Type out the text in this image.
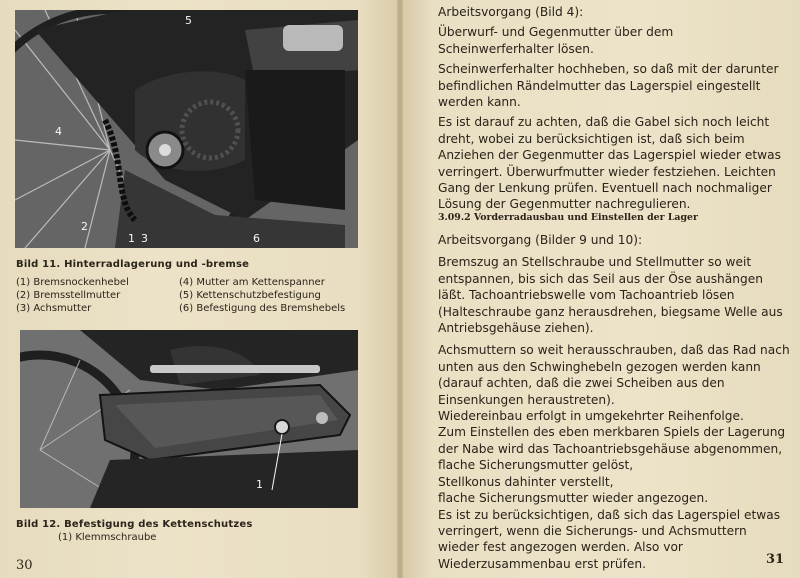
5
4
2
1 3	6
Bild 11. Hinterradlagerung und -bremse
(1) Bremsnockenhebel
(2) Bremsstellmutter
(3) Achsmutter
(4) Mutter am Kettenspanner
(5) Kettenschutzbefestigung
(6) Befestigung des Bremshebels
1
Bild 12. Befestigung des Kettenschutzes
(1) Klemmschraube
30

Arbeitsvorgang (Bild 4):

Überwurf- und Gegenmutter über dem Scheinwerferhalter lösen.

Scheinwerferhalter hochheben, so daß mit der darunter befindlichen Rändelmutter das Lagerspiel eingestellt werden kann.

Es ist darauf zu achten, daß die Gabel sich noch leicht dreht, wobei zu berücksichtigen ist, daß sich beim Anziehen der Gegenmutter das Lagerspiel wieder etwas verringert. Überwurfmutter wieder festziehen. Leichten Gang der Lenkung prüfen. Eventuell nach nochmaliger Lösung der Gegenmutter nachregulieren.

3.09.2 Vorderradausbau und Einstellen der Lager

Arbeitsvorgang (Bilder 9 und 10):

Bremszug an Stellschraube und Stellmutter so weit entspannen, bis sich das Seil aus der Öse aushängen läßt. Tachoantriebswelle vom Tachoantrieb lösen (Halteschraube ganz herausdrehen, biegsame Welle aus Antriebsgehäuse ziehen).

Achsmuttern so weit herausschrauben, daß das Rad nach unten aus den Schwinghebeln gezogen werden kann (darauf achten, daß die zwei Scheiben aus den Einsenkungen heraustreten).

Wiedereinbau erfolgt in umgekehrter Reihenfolge.

Zum Einstellen des eben merkbaren Spiels der Lagerung der Nabe wird das Tachoantriebsgehäuse abgenommen, flache Sicherungsmutter gelöst,

Stellkonus dahinter verstellt,

flache Sicherungsmutter wieder angezogen.

Es ist zu berücksichtigen, daß sich das Lagerspiel etwas verringert, wenn die Sicherungs- und Achsmuttern wieder fest angezogen werden. Also vor Wiederzusammenbau erst prüfen.	31
